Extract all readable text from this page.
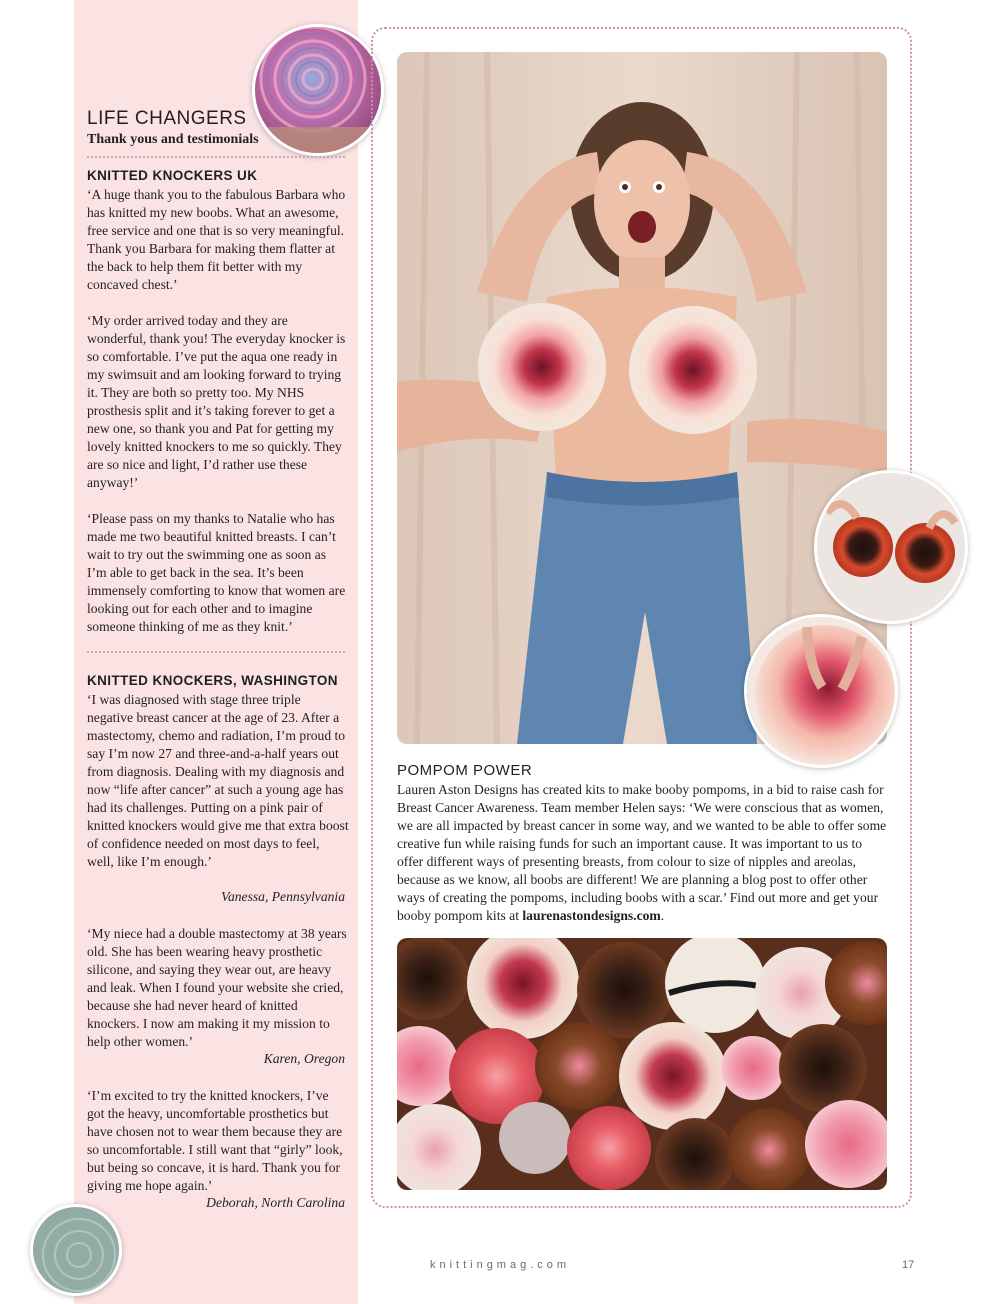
LIFE CHANGERS
Thank yous and testimonials
KNITTED KNOCKERS UK

‘A huge thank you to the fabulous Barbara who has knitted my new boobs. What an awesome, free service and one that is so very meaningful. Thank you Barbara for making them flatter at the back to help them fit better with my concaved chest.’

‘My order arrived today and they are wonderful, thank you! The everyday knocker is so comfortable. I’ve put the aqua one ready in my swimsuit and am looking forward to trying it. They are both so pretty too. My NHS prosthesis split and it’s taking forever to get a new one, so thank you and Pat for getting my lovely knitted knockers to me so quickly. They are so nice and light, I’d rather use these anyway!’

‘Please pass on my thanks to Natalie who has made me two beautiful knitted breasts. I can’t wait to try out the swimming one as soon as I’m able to get back in the sea. It’s been immensely comforting to know that women are looking out for each other and to imagine someone thinking of me as they knit.’

KNITTED KNOCKERS, WASHINGTON

‘I was diagnosed with stage three triple negative breast cancer at the age of 23. After a mastectomy, chemo and radiation, I’m proud to say I’m now 27 and three-and-a-half years out from diagnosis. Dealing with my diagnosis and now “life after cancer” at such a young age has had its challenges. Putting on a pink pair of knitted knockers would give me that extra boost of confidence needed on most days to feel, well, like I’m enough.’

Vanessa, Pennsylvania

‘My niece had a double mastectomy at 38 years old. She has been wearing heavy prosthetic silicone, and saying they wear out, are heavy and leak. When I found your website she cried, because she had never heard of knitted knockers. I now am making it my mission to help other women.’

Karen, Oregon

‘I’m excited to try the knitted knockers, I’ve got the heavy, uncomfortable prosthetics but have chosen not to wear them because they are so uncomfortable. I still want that “girly” look, but being so concave, it is hard. Thank you for giving me hope again.’

Deborah, North Carolina
POMPOM POWER

Lauren Aston Designs has created kits to make booby pompoms, in a bid to raise cash for Breast Cancer Awareness. Team member Helen says: ‘We were conscious that as women, we are all impacted by breast cancer in some way, and we wanted to be able to offer some creative fun while raising funds for such an important cause. It was important to us to offer different ways of presenting breasts, from colour to size of nipples and areolas, because as we know, all boobs are different! We are planning a blog post to offer other ways of creating the pompoms, including boobs with a scar.’ Find out more and get your booby pompom kits at laurenastondesigns.com.

knittingmag.com	17
